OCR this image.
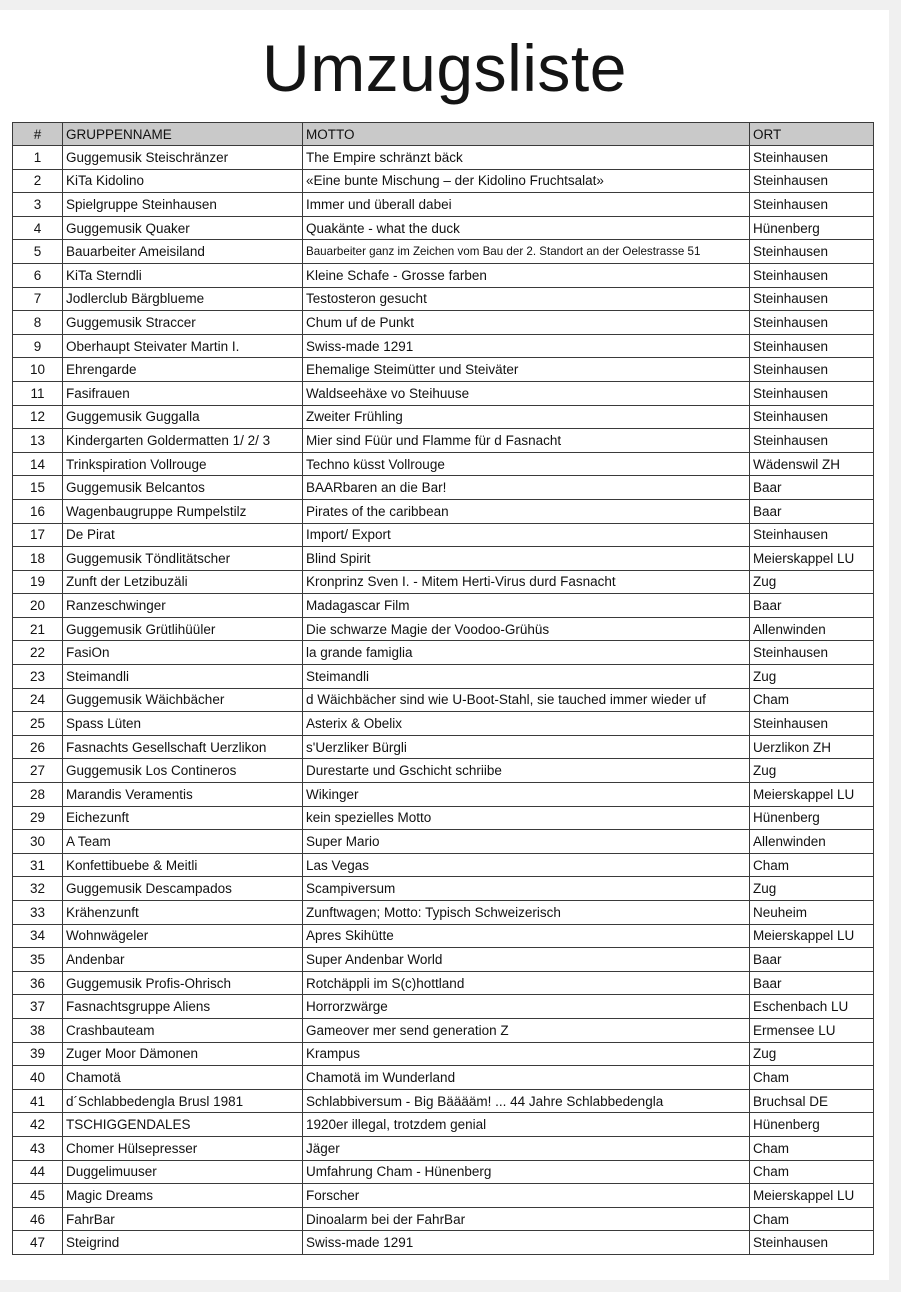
Umzugsliste
#	GRUPPENNAME	MOTTO	ORT
1	Guggemusik Steischränzer	The Empire schränzt bäck	Steinhausen
2	KiTa Kidolino	«Eine bunte Mischung – der Kidolino Fruchtsalat»	Steinhausen
3	Spielgruppe Steinhausen	Immer und überall dabei	Steinhausen
4	Guggemusik Quaker	Quakänte - what the duck	Hünenberg
5	Bauarbeiter Ameisiland	Bauarbeiter ganz im Zeichen vom Bau der 2. Standort an der Oelestrasse 51	Steinhausen
6	KiTa Sterndli	Kleine Schafe - Grosse farben	Steinhausen
7	Jodlerclub Bärgblueme	Testosteron gesucht	Steinhausen
8	Guggemusik Straccer	Chum uf de Punkt	Steinhausen
9	Oberhaupt Steivater Martin I.	Swiss-made 1291	Steinhausen
10	Ehrengarde	Ehemalige Steimütter und Steiväter	Steinhausen
11	Fasifrauen	Waldseehäxe vo Steihuuse	Steinhausen
12	Guggemusik Guggalla	Zweiter Frühling	Steinhausen
13	Kindergarten Goldermatten 1/ 2/ 3	Mier sind Füür und Flamme für d Fasnacht	Steinhausen
14	Trinkspiration Vollrouge	Techno küsst Vollrouge	Wädenswil ZH
15	Guggemusik Belcantos	BAARbaren an die Bar!	Baar
16	Wagenbaugruppe Rumpelstilz	Pirates of the caribbean	Baar
17	De Pirat	Import/ Export	Steinhausen
18	Guggemusik Töndlitätscher	Blind Spirit	Meierskappel LU
19	Zunft der Letzibuzäli	Kronprinz Sven I. - Mitem Herti-Virus durd Fasnacht	Zug
20	Ranzeschwinger	Madagascar Film	Baar
21	Guggemusik Grütlihüüler	Die schwarze Magie der Voodoo-Grühüs	Allenwinden
22	FasiOn	la grande famiglia	Steinhausen
23	Steimandli	Steimandli	Zug
24	Guggemusik Wäichbächer	d Wäichbächer sind wie U-Boot-Stahl, sie tauched immer wieder uf	Cham
25	Spass Lüten	Asterix & Obelix	Steinhausen
26	Fasnachts Gesellschaft Uerzlikon	s'Uerzliker Bürgli	Uerzlikon ZH
27	Guggemusik Los Contineros	Durestarte und Gschicht schriibe	Zug
28	Marandis Veramentis	Wikinger	Meierskappel LU
29	Eichezunft	kein spezielles Motto	Hünenberg
30	A Team	Super Mario	Allenwinden
31	Konfettibuebe & Meitli	Las Vegas	Cham
32	Guggemusik Descampados	Scampiversum	Zug
33	Krähenzunft	Zunftwagen; Motto: Typisch Schweizerisch	Neuheim
34	Wohnwägeler	Apres Skihütte	Meierskappel LU
35	Andenbar	Super Andenbar World	Baar
36	Guggemusik Profis-Ohrisch	Rotchäppli im S(c)hottland	Baar
37	Fasnachtsgruppe Aliens	Horrorzwärge	Eschenbach LU
38	Crashbauteam	Gameover mer send generation Z	Ermensee LU
39	Zuger Moor Dämonen	Krampus	Zug
40	Chamotä	Chamotä im Wunderland	Cham
41	d´Schlabbedengla Brusl 1981	Schlabbiversum - Big Bääääm! ... 44 Jahre Schlabbedengla	Bruchsal DE
42	TSCHIGGENDALES	1920er illegal, trotzdem genial	Hünenberg
43	Chomer Hülsepresser	Jäger	Cham
44	Duggelimuuser	Umfahrung Cham - Hünenberg	Cham
45	Magic Dreams	Forscher	Meierskappel LU
46	FahrBar	Dinoalarm bei der FahrBar	Cham
47	Steigrind	Swiss-made 1291	Steinhausen
